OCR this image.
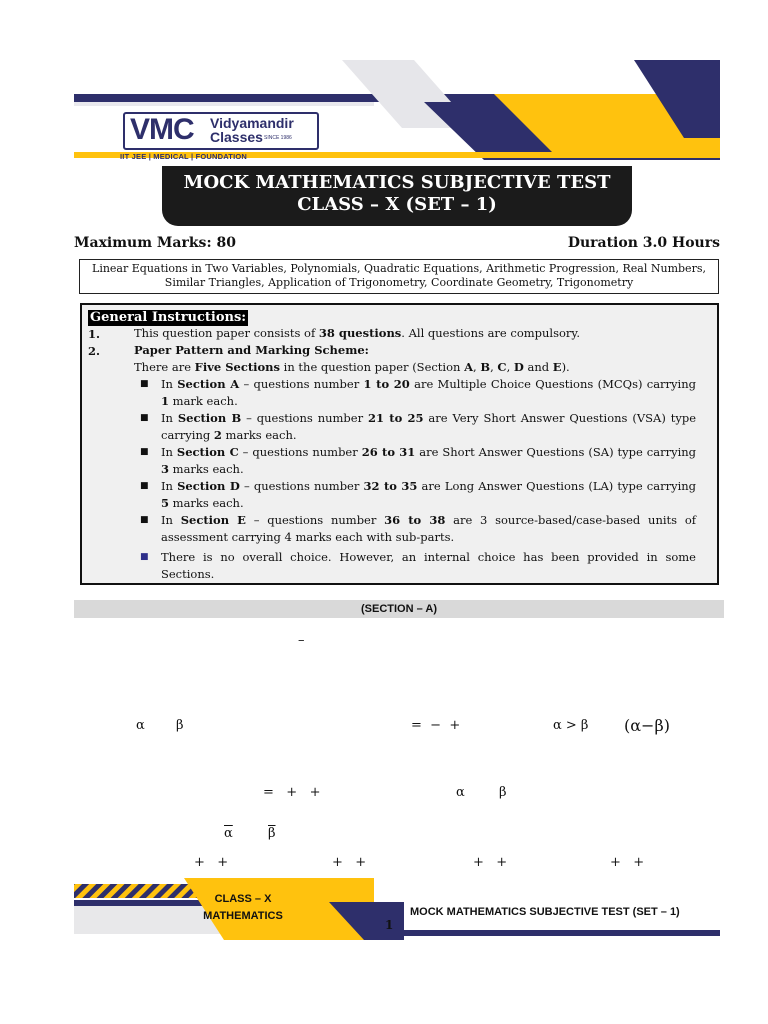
VMC Vidyamandir
Classes SINCE 1986
IIT JEE | MEDICAL | FOUNDATION
MOCK MATHEMATICS SUBJECTIVE TEST
CLASS – X (SET – 1)
Maximum Marks: 80	Duration 3.0 Hours
Linear Equations in Two Variables, Polynomials, Quadratic Equations, Arithmetic Progression, Real Numbers, Similar Triangles, Application of Trigonometry, Coordinate Geometry, Trigonometry
General Instructions:
1.	This question paper consists of 38 questions. All questions are compulsory.
2.	Paper Pattern and Marking Scheme:
There are Five Sections in the question paper (Section A, B, C, D and E).
■ In Section A – questions number 1 to 20 are Multiple Choice Questions (MCQs) carrying 1 mark each.
■ In Section B – questions number 21 to 25 are Very Short Answer Questions (VSA) type carrying 2 marks each.
■ In Section C – questions number 26 to 31 are Short Answer Questions (SA) type carrying 3 marks each.
■ In Section D – questions number 32 to 35 are Long Answer Questions (LA) type carrying 5 marks each.
■ In Section E – questions number 36 to 38 are 3 source-based/case-based units of assessment carrying 4 marks each with sub-parts.
■ There is no overall choice. However, an internal choice has been provided in some Sections.
(SECTION – A)
–
α β	=  −  +	α > β (α−β)
=   +   +	α	β
$\overline{\alpha}$	$\overline{\beta}$
+   +	+   +	+   +	+   +
CLASS – X
MATHEMATICS	MOCK MATHEMATICS SUBJECTIVE TEST (SET – 1)
1
